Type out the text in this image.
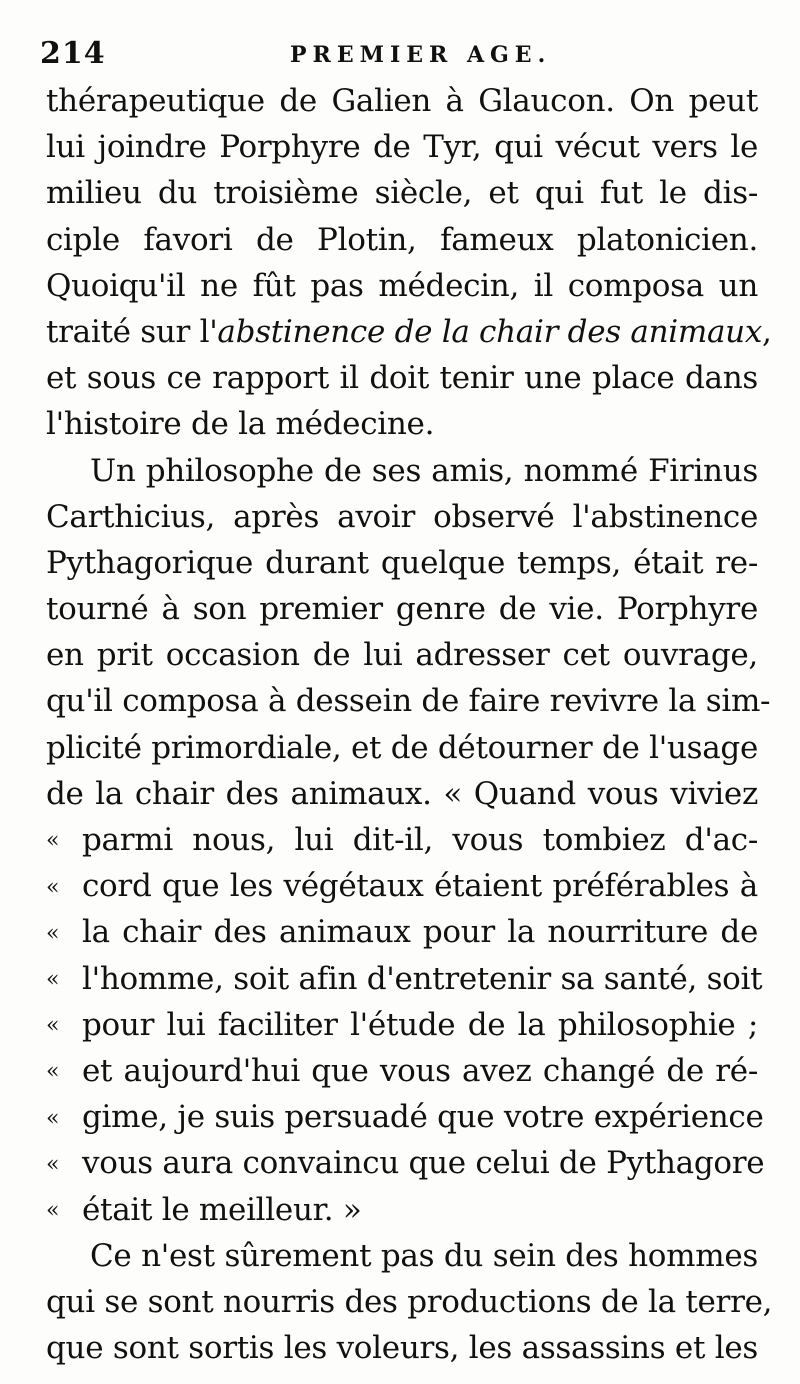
214	PREMIER AGE.
thérapeutique de Galien à Glaucon. On peut
lui joindre Porphyre de Tyr, qui vécut vers le
milieu du troisième siècle, et qui fut le dis-
ciple favori de Plotin, fameux platonicien.
Quoiqu'il ne fût pas médecin, il composa un
traité sur l'abstinence de la chair des animaux,
et sous ce rapport il doit tenir une place dans
l'histoire de la médecine.
Un philosophe de ses amis, nommé Firinus
Carthicius, après avoir observé l'abstinence
Pythagorique durant quelque temps, était re-
tourné à son premier genre de vie. Porphyre
en prit occasion de lui adresser cet ouvrage,
qu'il composa à dessein de faire revivre la sim-
plicité primordiale, et de détourner de l'usage
de la chair des animaux. « Quand vous viviez
« parmi nous, lui dit-il, vous tombiez d'ac-
« cord que les végétaux étaient préférables à
« la chair des animaux pour la nourriture de
« l'homme, soit afin d'entretenir sa santé, soit
« pour lui faciliter l'étude de la philosophie ;
« et aujourd'hui que vous avez changé de ré-
« gime, je suis persuadé que votre expérience
« vous aura convaincu que celui de Pythagore
« était le meilleur. »
Ce n'est sûrement pas du sein des hommes
qui se sont nourris des productions de la terre,
que sont sortis les voleurs, les assassins et les
